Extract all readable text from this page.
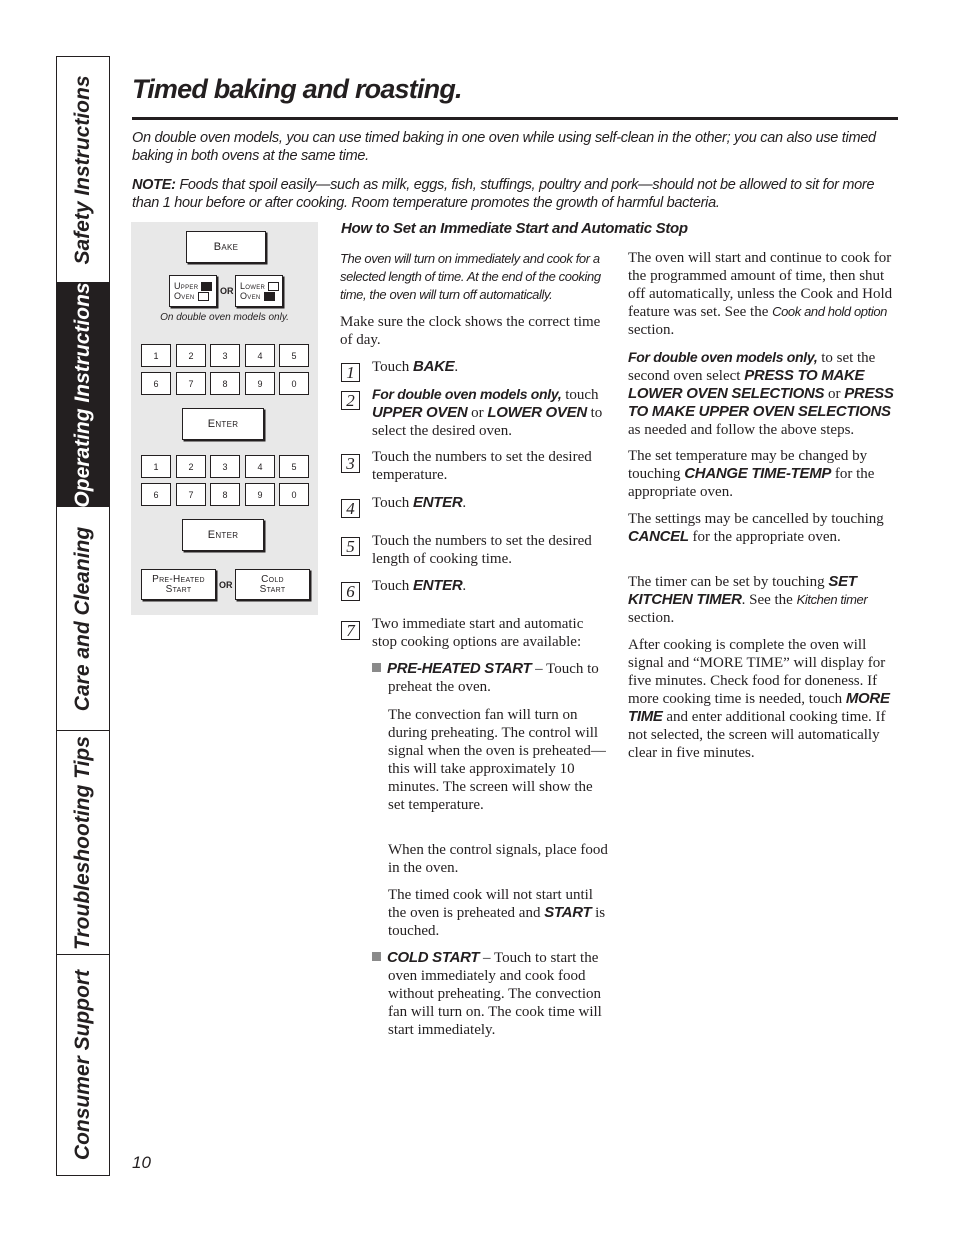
Safety Instructions
Operating Instructions
Care and Cleaning
Troubleshooting Tips
Consumer Support
Timed baking and roasting.
On double oven models, you can use timed baking in one oven while using self-clean in the other; you can also use timed baking in both ovens at the same time.
NOTE: Foods that spoil easily—such as milk, eggs, fish, stuffings, poultry and pork—should not be allowed to sit for more than 1 hour before or after cooking. Room temperature promotes the growth of harmful bacteria.
Bake
Upper
Oven	OR
Lower
Oven
On double oven models only.
1	2	3	4	5
6	7	8	9	0
Enter
1	2	3	4	5
6	7	8	9	0
Enter
Pre-Heated
Start	OR
Cold
Start
How to Set an Immediate Start and Automatic Stop
The oven will turn on immediately and cook for a selected length of time. At the end of the cooking time, the oven will turn off automatically.
Make sure the clock shows the correct time of day.
1	Touch BAKE.
2	For double oven models only, touch UPPER OVEN or LOWER OVEN to select the desired oven.
3	Touch the numbers to set the desired temperature.
4	Touch ENTER.
5	Touch the numbers to set the desired length of cooking time.
6	Touch ENTER.
7	Two immediate start and automatic stop cooking options are available:
PRE-HEATED START – Touch to preheat the oven.
The convection fan will turn on during preheating. The control will signal when the oven is preheated—this will take approximately 10 minutes. The screen will show the set temperature.
When the control signals, place food in the oven.
The timed cook will not start until the oven is preheated and START is touched.
COLD START – Touch to start the oven immediately and cook food without preheating. The convection fan will turn on. The cook time will start immediately.
The oven will start and continue to cook for the programmed amount of time, then shut off automatically, unless the Cook and Hold feature was set. See the Cook and hold option section.
For double oven models only, to set the second oven select PRESS TO MAKE LOWER OVEN SELECTIONS or PRESS TO MAKE UPPER OVEN SELECTIONS as needed and follow the above steps.
The set temperature may be changed by touching CHANGE TIME-TEMP for the appropriate oven.
The settings may be cancelled by touching CANCEL for the appropriate oven.
The timer can be set by touching SET KITCHEN TIMER. See the Kitchen timer section.
After cooking is complete the oven will signal and “MORE TIME” will display for five minutes. Check food for doneness. If more cooking time is needed, touch MORE TIME and enter additional cooking time. If not selected, the screen will automatically clear in five minutes.
10
